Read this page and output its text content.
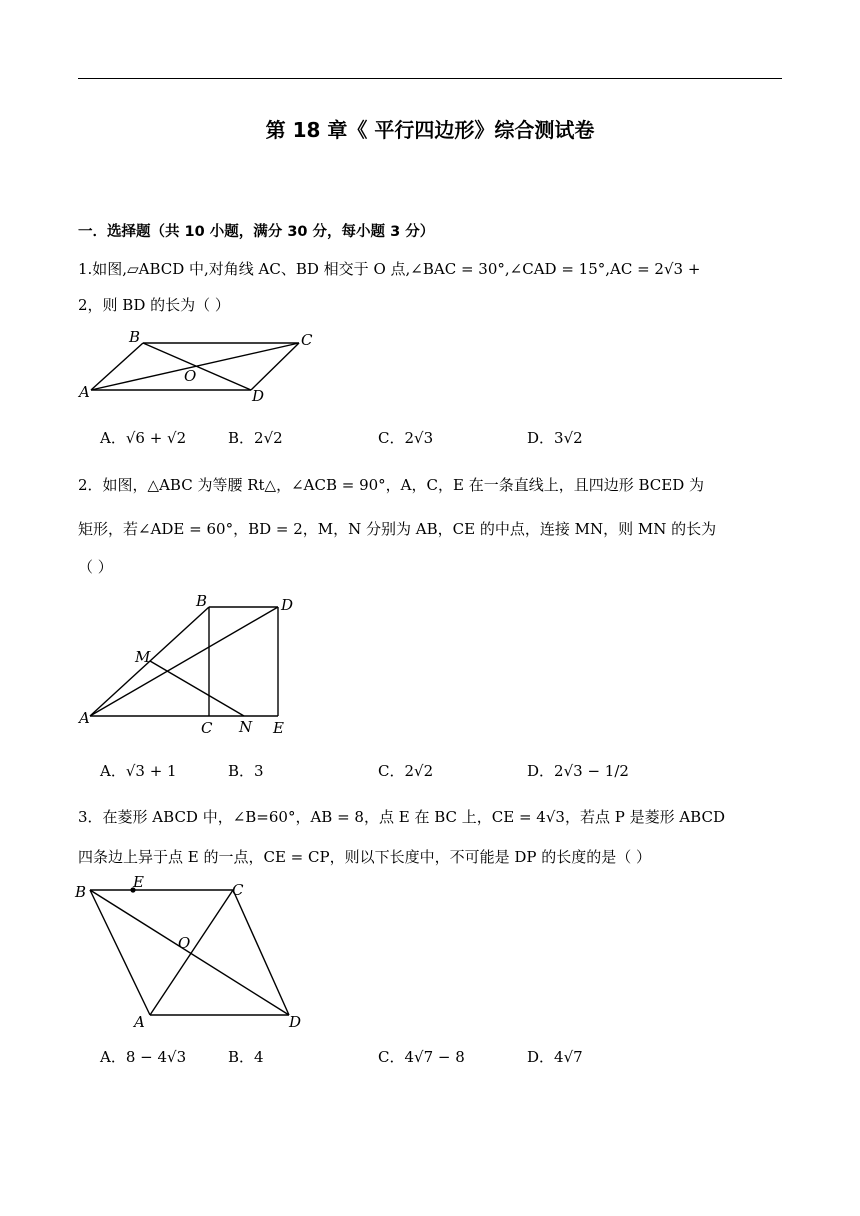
第 18 章《 平行四边形》综合测试卷
一．选择题（共 10 小题，满分 30 分，每小题 3 分）
1.如图,▱ABCD 中,对角线 AC、BD 相交于 O 点,∠BAC = 30°,∠CAD = 15°,AC = 2√3 +
2，则 BD 的长为（ ）
B	C
A	D
O
A．√6 + √2	B．2√2	C．2√3	D．3√2
2．如图，△ABC 为等腰 Rt△，∠ACB = 90°，A，C，E 在一条直线上，且四边形 BCED 为
矩形，若∠ADE = 60°，BD = 2，M，N 分别为 AB，CE 的中点，连接 MN，则 MN 的长为
（ ）
B	D
M
A
C N E
A．√3 + 1	B．3	C．2√2	D．2√3 − 1/2
3．在菱形 ABCD 中，∠B=60°，AB = 8，点 E 在 BC 上，CE = 4√3，若点 P 是菱形 ABCD
四条边上异于点 E 的一点，CE = CP，则以下长度中，不可能是 DP 的长度的是（ ）
B
E	C
O
A	D
A．8 − 4√3	B．4	C．4√7 − 8	D．4√7
